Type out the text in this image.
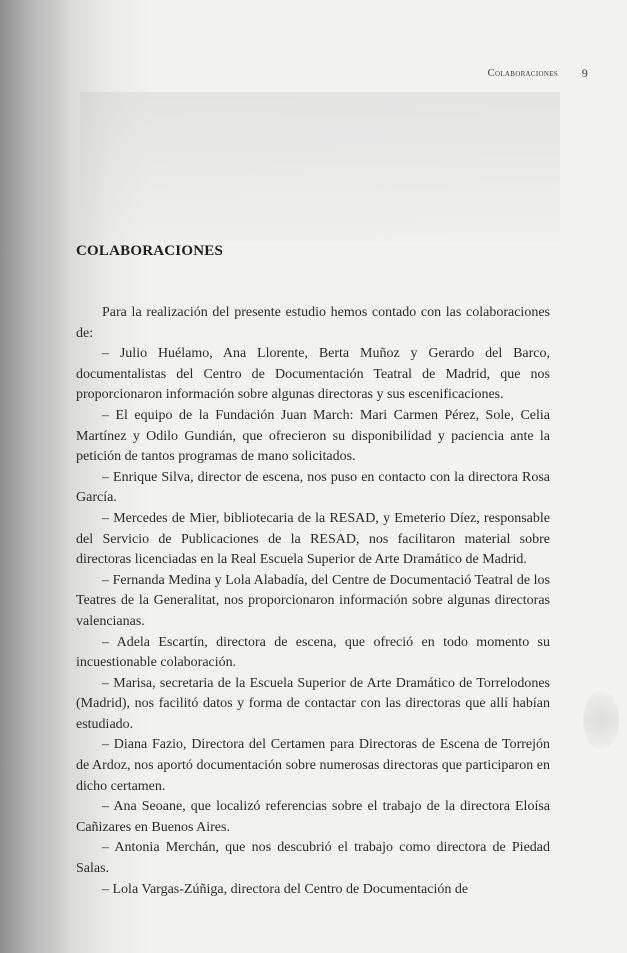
Colaboraciones 9
COLABORACIONES

Para la realización del presente estudio hemos contado con las colaboraciones de:

– Julio Huélamo, Ana Llorente, Berta Muñoz y Gerardo del Barco, documentalistas del Centro de Documentación Teatral de Madrid, que nos proporcionaron información sobre algunas directoras y sus escenificaciones.

– El equipo de la Fundación Juan March: Mari Carmen Pérez, Sole, Celia Martínez y Odilo Gundián, que ofrecieron su disponibilidad y paciencia ante la petición de tantos programas de mano solicitados.

– Enrique Silva, director de escena, nos puso en contacto con la directora Rosa García.

– Mercedes de Mier, bibliotecaria de la RESAD, y Emeterio Díez, responsable del Servicio de Publicaciones de la RESAD, nos facilitaron material sobre directoras licenciadas en la Real Escuela Superior de Arte Dramático de Madrid.

– Fernanda Medina y Lola Alabadía, del Centre de Documentació Teatral de los Teatres de la Generalitat, nos proporcionaron información sobre algunas directoras valencianas.

– Adela Escartín, directora de escena, que ofreció en todo momento su incuestionable colaboración.

– Marisa, secretaria de la Escuela Superior de Arte Dramático de Torrelodones (Madrid), nos facilitó datos y forma de contactar con las directoras que allí habían estudiado.

– Diana Fazio, Directora del Certamen para Directoras de Escena de Torrejón de Ardoz, nos aportó documentación sobre numerosas directoras que participaron en dicho certamen.

– Ana Seoane, que localizó referencias sobre el trabajo de la directora Eloísa Cañizares en Buenos Aires.

– Antonia Merchán, que nos descubrió el trabajo como directora de Piedad Salas.

– Lola Vargas-Zúñiga, directora del Centro de Documentación de
